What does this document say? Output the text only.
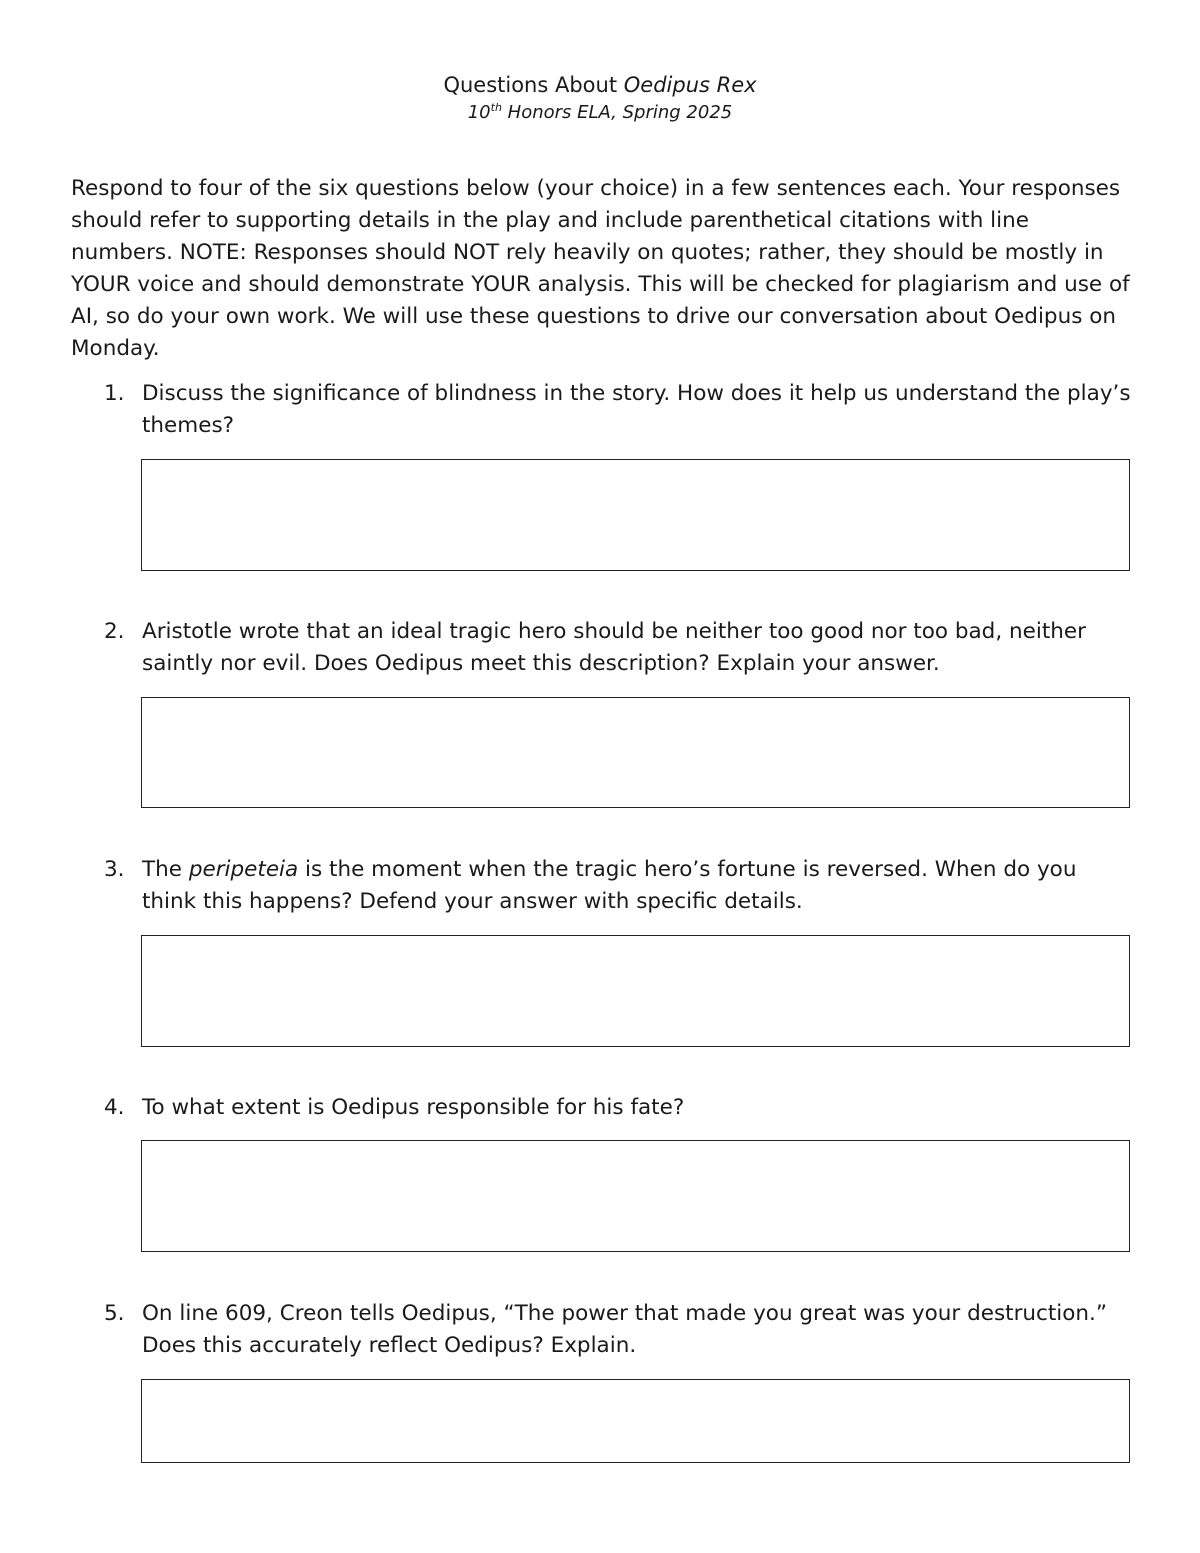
Questions About Oedipus Rex
10th Honors ELA, Spring 2025

Respond to four of the six questions below (your choice) in a few sentences each. Your responses should refer to supporting details in the play and include parenthetical citations with line numbers. NOTE: Responses should NOT rely heavily on quotes; rather, they should be mostly in YOUR voice and should demonstrate YOUR analysis. This will be checked for plagiarism and use of AI, so do your own work. We will use these questions to drive our conversation about Oedipus on Monday.

1. Discuss the significance of blindness in the story. How does it help us understand the play’s themes?
2. Aristotle wrote that an ideal tragic hero should be neither too good nor too bad, neither saintly nor evil. Does Oedipus meet this description? Explain your answer.
3. The peripeteia is the moment when the tragic hero’s fortune is reversed. When do you think this happens? Defend your answer with specific details.
4. To what extent is Oedipus responsible for his fate?
5. On line 609, Creon tells Oedipus, “The power that made you great was your destruction.” Does this accurately reflect Oedipus? Explain.
